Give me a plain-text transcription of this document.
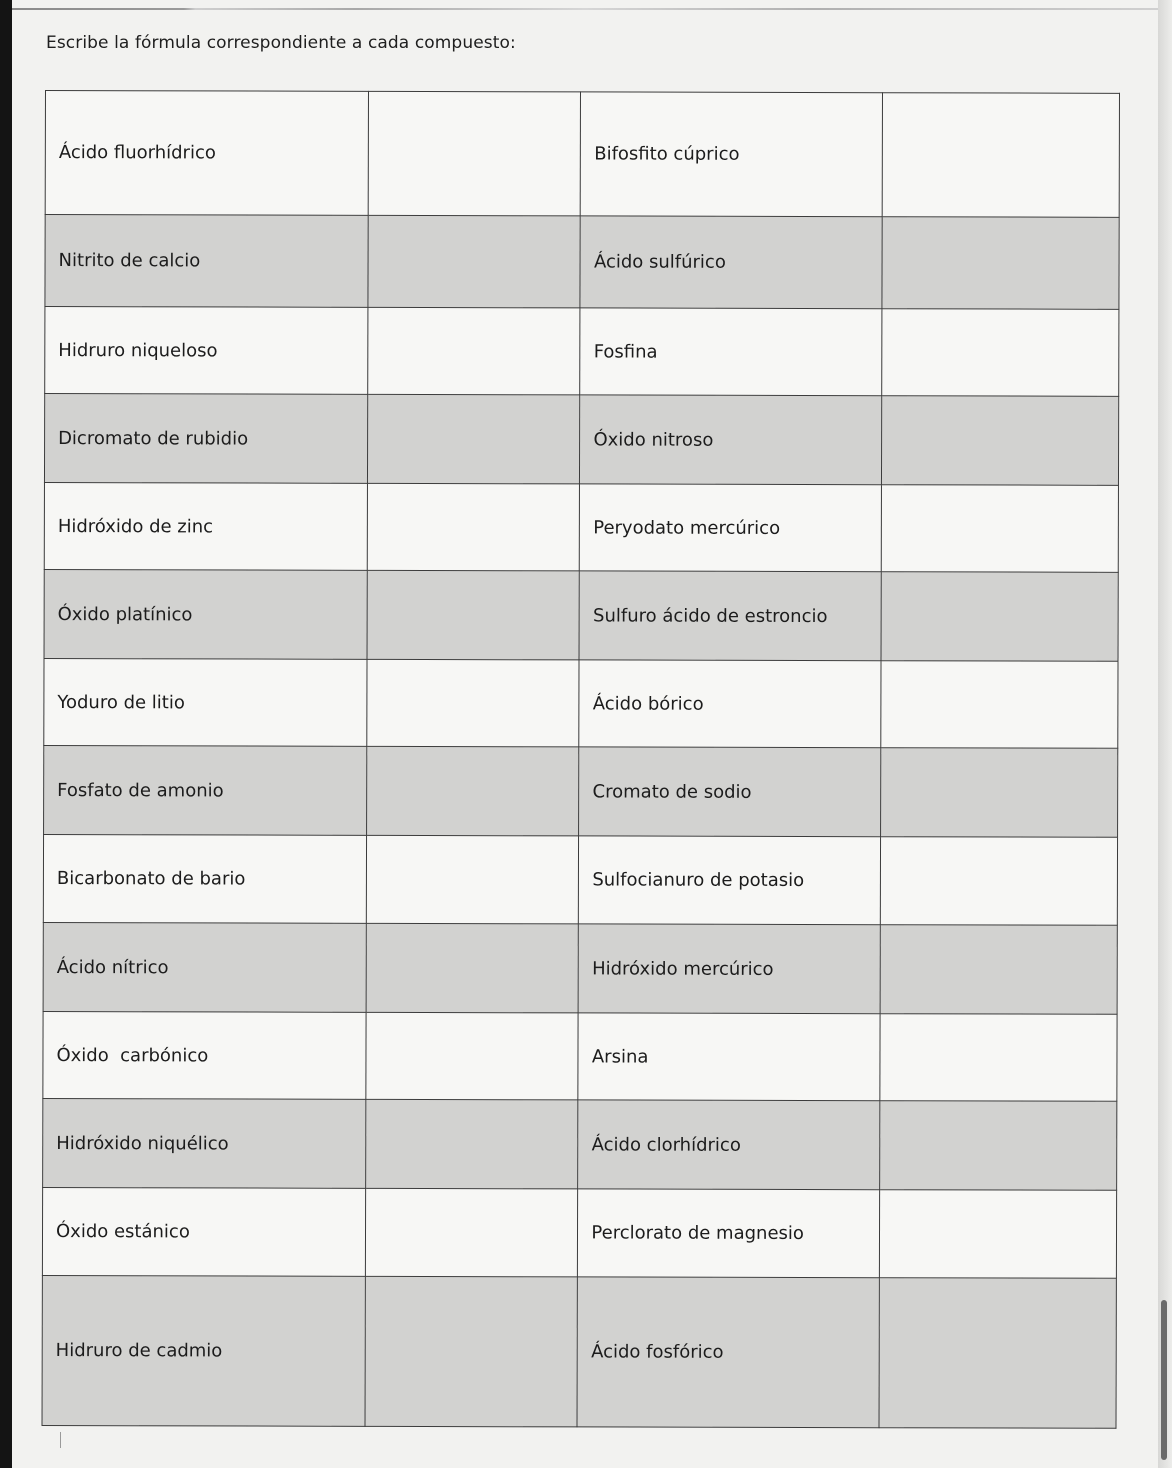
Escribe la fórmula correspondiente a cada compuesto:
Ácido fluorhídrico		Bifosfito cúprico	
Nitrito de calcio		Ácido sulfúrico	
Hidruro niqueloso		Fosfina	
Dicromato de rubidio		Óxido nitroso	
Hidróxido de zinc		Peryodato mercúrico	
Óxido platínico		Sulfuro ácido de estroncio	
Yoduro de litio		Ácido bórico	
Fosfato de amonio		Cromato de sodio	
Bicarbonato de bario		Sulfocianuro de potasio	
Ácido nítrico		Hidróxido mercúrico	
Óxido  carbónico		Arsina	
Hidróxido niquélico		Ácido clorhídrico	
Óxido estánico		Perclorato de magnesio	
Hidruro de cadmio		Ácido fosfórico	
